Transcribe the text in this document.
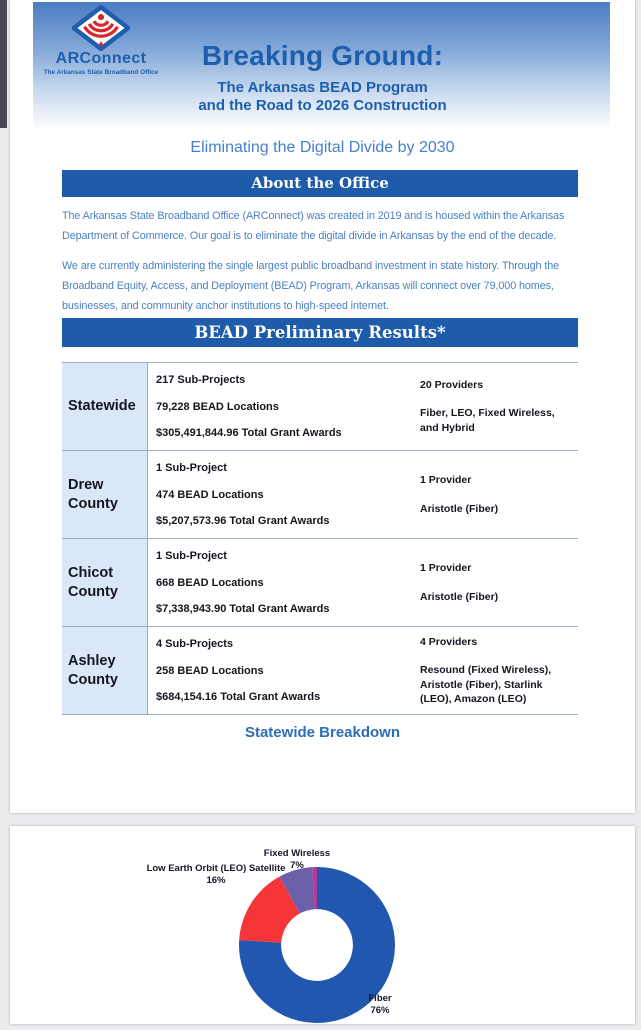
ARConnect
The Arkansas State Broadband Office
Breaking Ground:
The Arkansas BEAD Program
and the Road to 2026 Construction
Eliminating the Digital Divide by 2030
About the Office
The Arkansas State Broadband Office (ARConnect) was created in 2019 and is housed within the Arkansas Department of Commerce. Our goal is to eliminate the digital divide in Arkansas by the end of the decade.
We are currently administering the single largest public broadband investment in state history. Through the Broadband Equity, Access, and Deployment (BEAD) Program, Arkansas will connect over 79,000 homes, businesses, and community anchor institutions to high-speed internet.
BEAD Preliminary Results*
Statewide
217 Sub-Projects
79,228 BEAD Locations
$305,491,844.96 Total Grant Awards
20 Providers
Fiber, LEO, Fixed Wireless, and Hybrid
Drew County
1 Sub-Project
474 BEAD Locations
$5,207,573.96 Total Grant Awards
1 Provider
Aristotle (Fiber)
Chicot County
1 Sub-Project
668 BEAD Locations
$7,338,943.90 Total Grant Awards
1 Provider
Aristotle (Fiber)
Ashley County
4 Sub-Projects
258 BEAD Locations
$684,154.16 Total Grant Awards
4 Providers
Resound (Fixed Wireless), Aristotle (Fiber), Starlink (LEO), Amazon (LEO)
Statewide Breakdown
Fixed Wireless
7%
Low Earth Orbit (LEO) Satellite
16%
Fiber
76%
